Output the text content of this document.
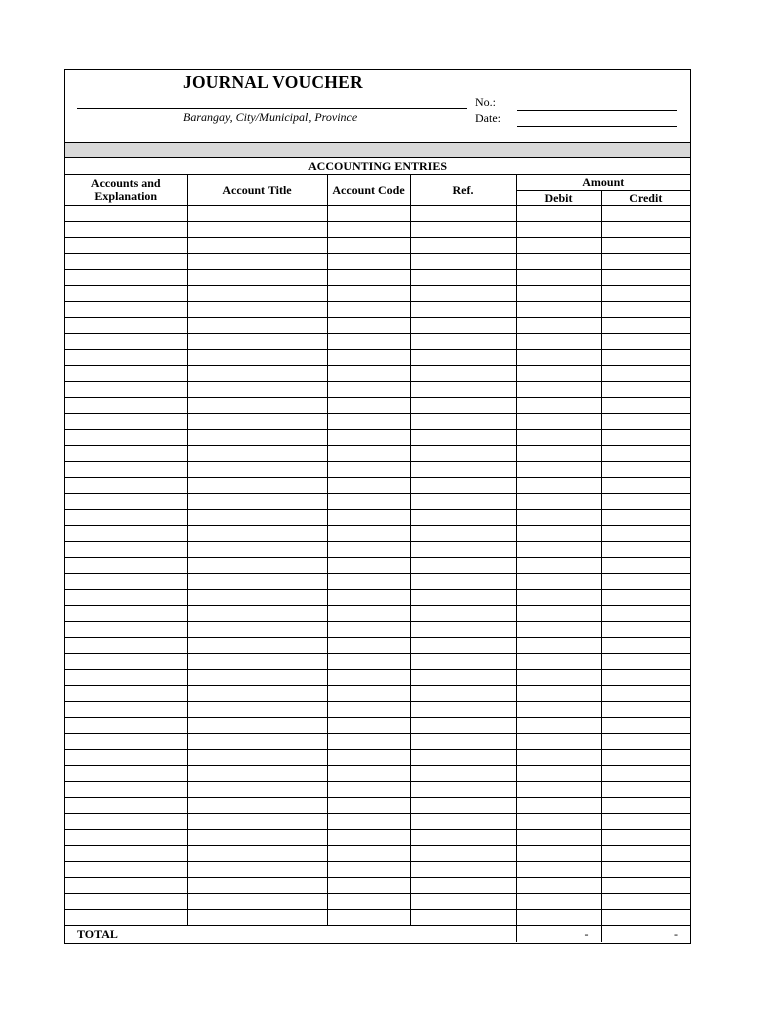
JOURNAL VOUCHER
Barangay, City/Municipal, Province
No.:
Date:
ACCOUNTING ENTRIES
Accounts and Explanation	Account Title	Account Code	Ref.	Amount	
				Debit	Credit

TOTAL				-	-
